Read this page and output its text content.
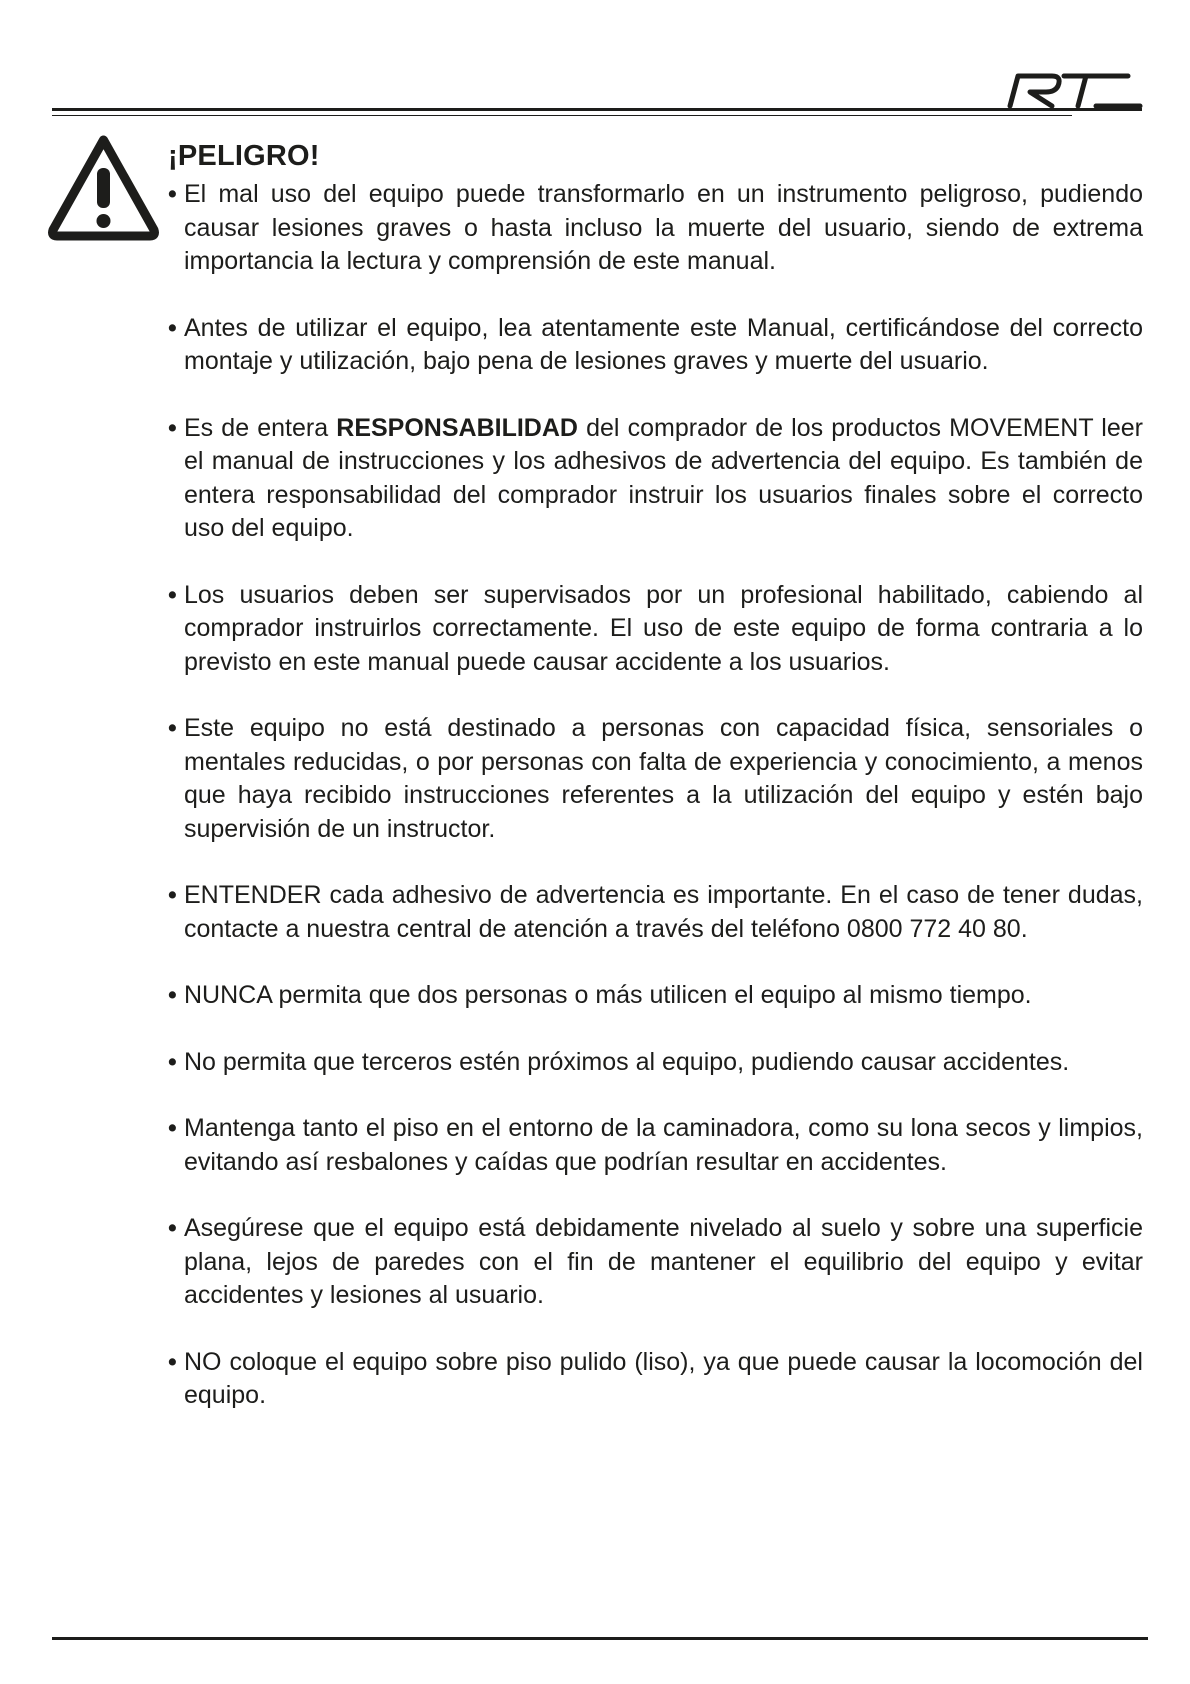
¡PELIGRO!

• El mal uso del equipo puede transformarlo en un instrumento peligroso, pudiendo causar lesiones graves o hasta incluso la muerte del usuario, siendo de extrema importancia la lectura y comprensión de este manual.

• Antes de utilizar el equipo, lea atentamente este Manual, certificándose del correcto montaje y utilización, bajo pena de lesiones graves y muerte del usuario.

• Es de entera RESPONSABILIDAD del comprador de los productos MOVEMENT leer el manual de instrucciones y los adhesivos de advertencia del equipo. Es también de entera responsabilidad del comprador instruir los usuarios finales sobre el correcto uso del equipo.

• Los usuarios deben ser supervisados por un profesional habilitado, cabiendo al comprador instruirlos correctamente. El uso de este equipo de forma contraria a lo previsto en este manual puede causar accidente a los usuarios.

• Este equipo no está destinado a personas con capacidad física, sensoriales o mentales reducidas, o por personas con falta de experiencia y conocimiento, a menos que haya recibido instrucciones referentes a la utilización del equipo y estén bajo supervisión de un instructor.

• ENTENDER cada adhesivo de advertencia es importante. En el caso de tener dudas, contacte a nuestra central de atención a través del teléfono 0800 772 40 80.

• NUNCA permita que dos personas o más utilicen el equipo al mismo tiempo.

• No permita que terceros estén próximos al equipo, pudiendo causar accidentes.

• Mantenga tanto el piso en el entorno de la caminadora, como su lona secos y limpios, evitando así resbalones y caídas que podrían resultar en accidentes.

• Asegúrese que el equipo está debidamente nivelado al suelo y sobre una superficie plana, lejos de paredes con el fin de mantener el equilibrio del equipo y evitar accidentes y lesiones al usuario.

• NO coloque el equipo sobre piso pulido (liso), ya que puede causar la locomoción del equipo.
